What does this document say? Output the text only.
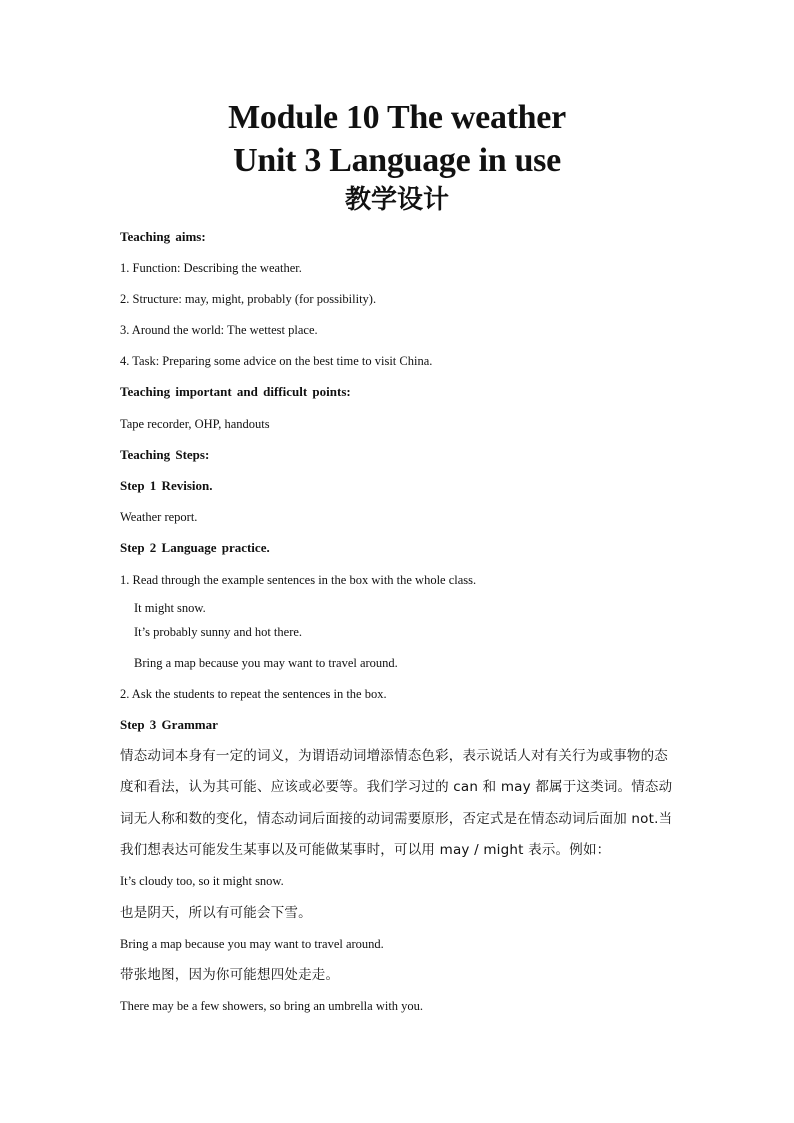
Module 10 The weather
Unit 3 Language in use
教学设计
Teaching aims:
1. Function: Describing the weather.
2. Structure: may, might, probably (for possibility).
3. Around the world: The wettest place.
4. Task: Preparing some advice on the best time to visit China.
Teaching important and difficult points:
Tape recorder, OHP, handouts
Teaching Steps:
Step 1 Revision.
Weather report.
Step 2 Language practice.
1. Read through the example sentences in the box with the whole class.
It might snow.
It’s probably sunny and hot there.
Bring a map because you may want to travel around.
2. Ask the students to repeat the sentences in the box.
Step 3 Grammar
情态动词本身有一定的词义，为谓语动词增添情态色彩，表示说话人对有关行为或事物的态
度和看法，认为其可能、应该或必要等。我们学习过的 can 和 may 都属于这类词。情态动
词无人称和数的变化，情态动词后面接的动词需要原形，否定式是在情态动词后面加 not.当
我们想表达可能发生某事以及可能做某事时，可以用 may / might 表示。例如：
It’s cloudy too, so it might snow.
也是阴天，所以有可能会下雪。
Bring a map because you may want to travel around.
带张地图，因为你可能想四处走走。
There may be a few showers, so bring an umbrella with you.
